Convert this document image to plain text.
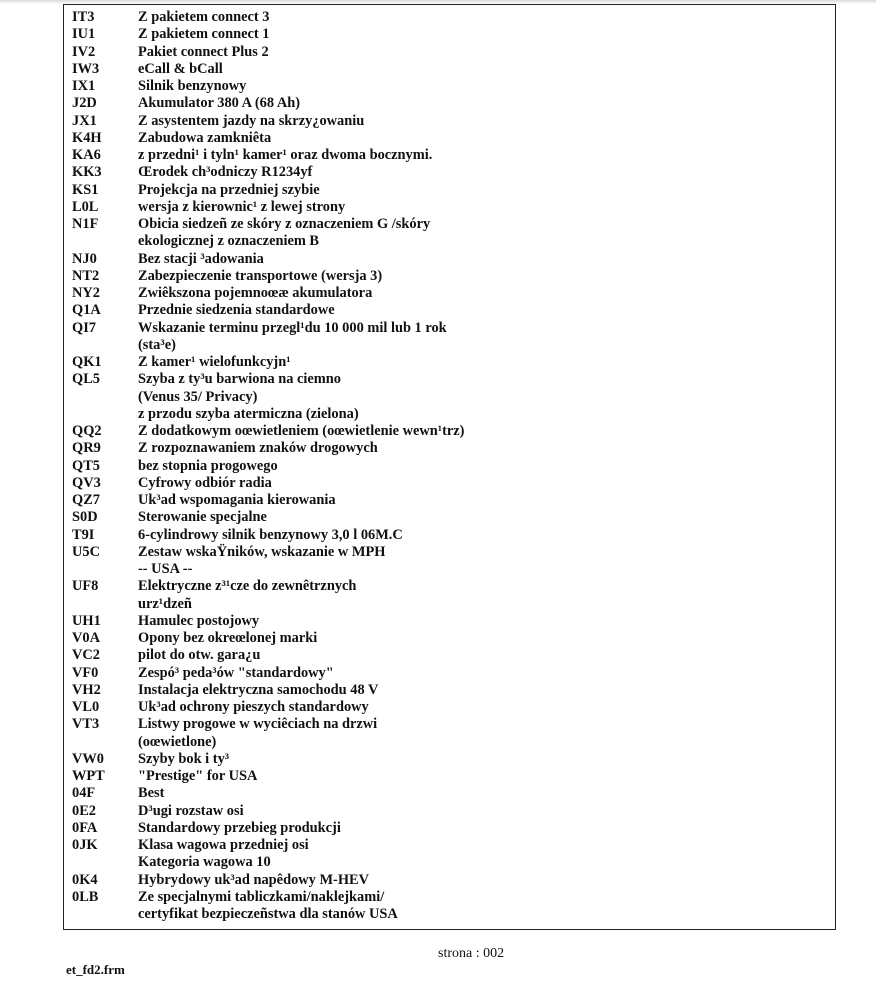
IT3	Z pakietem connect 3
IU1	Z pakietem connect 1
IV2	Pakiet connect Plus 2
IW3	eCall & bCall
IX1	Silnik benzynowy
J2D	Akumulator 380 A (68 Ah)
JX1	Z asystentem jazdy na skrzy¿owaniu
K4H	Zabudowa zamkniêta
KA6	z przedni¹ i tyln¹ kamer¹ oraz dwoma bocznymi.
KK3	Œrodek ch³odniczy R1234yf
KS1	Projekcja na przedniej szybie
L0L	wersja z kierownic¹ z lewej strony
N1F	Obicia siedzeñ ze skóry z oznaczeniem G /skóry
ekologicznej z oznaczeniem B
NJ0	Bez stacji ³adowania
NT2	Zabezpieczenie transportowe (wersja 3)
NY2	Zwiêkszona pojemnoœæ akumulatora
Q1A	Przednie siedzenia standardowe
QI7	Wskazanie terminu przegl¹du 10 000 mil lub 1 rok
(sta³e)
QK1	Z kamer¹ wielofunkcyjn¹
QL5	Szyba z ty³u barwiona na ciemno
(Venus 35/ Privacy)
z przodu szyba atermiczna (zielona)
QQ2	Z dodatkowym oœwietleniem (oœwietlenie wewn¹trz)
QR9	Z rozpoznawaniem znaków drogowych
QT5	bez stopnia progowego
QV3	Cyfrowy odbiór radia
QZ7	Uk³ad wspomagania kierowania
S0D	Sterowanie specjalne
T9I	6-cylindrowy silnik benzynowy 3,0 l 06M.C
U5C	Zestaw wskaŸników, wskazanie w MPH
-- USA --
UF8	Elektryczne z³¹cze do zewnêtrznych
urz¹dzeñ
UH1	Hamulec postojowy
V0A	Opony bez okreœlonej marki
VC2	pilot do otw. gara¿u
VF0	Zespó³ peda³ów "standardowy"
VH2	Instalacja elektryczna samochodu 48 V
VL0	Uk³ad ochrony pieszych standardowy
VT3	Listwy progowe w wyciêciach na drzwi
(oœwietlone)
VW0	Szyby bok i ty³
WPT	"Prestige" for USA
04F	Best
0E2	D³ugi rozstaw osi
0FA	Standardowy przebieg produkcji
0JK	Klasa wagowa przedniej osi
Kategoria wagowa 10
0K4	Hybrydowy uk³ad napêdowy M-HEV
0LB	Ze specjalnymi tabliczkami/naklejkami/
certyfikat bezpieczeñstwa dla stanów USA
strona : 002
et_fd2.frm
